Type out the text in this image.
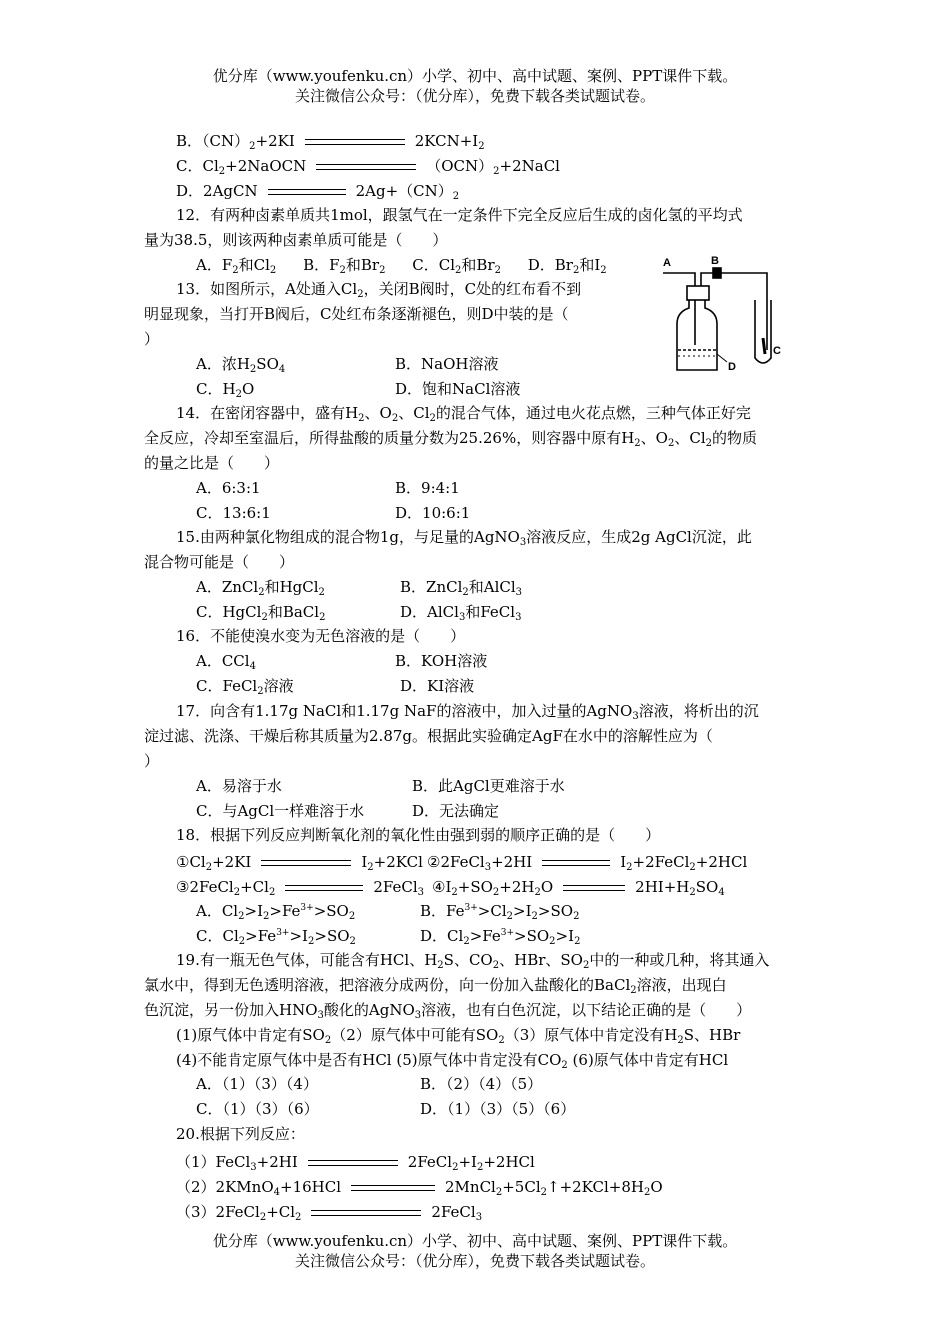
优分库（www.youfenku.cn）小学、初中、高中试题、案例、PPT课件下载。
关注微信公众号：（优分库），免费下载各类试题试卷。
B．$(CN)_2+2KI$	$2KCN+I_2$
C．$Cl_2+2NaOCN$	$(OCN)_2+2NaCl$
D．2AgCN	$2Ag+(CN)_2$
12．有两种卤素单质共1mol，跟氢气在一定条件下完全反应后生成的卤化氢的平均式
量为38.5，则该两种卤素单质可能是（　　）
A．$F_2$和$Cl_2$ B．$F_2$和$Br_2$ C．$Cl_2$和$Br_2$ D．$Br_2$和$I_2$
13．如图所示，A处通入$Cl_2$，关闭B阀时，C处的红布看不到
明显现象，当打开B阀后，C处红布条逐渐褪色，则D中装的是（
）
A．浓$H_2SO_4$	B．NaOH溶液
C．$H_2O$	D．饱和NaCl溶液
A	B
C
D
14．在密闭容器中，盛有$H_2$、$O_2$、$Cl_2$的混合气体，通过电火花点燃，三种气体正好完
全反应，冷却至室温后，所得盐酸的质量分数为25.26%，则容器中原有$H_2$、$O_2$、$Cl_2$的物质
的量之比是（　　）
A．6:3:1	B．9:4:1
C．13:6:1	D．10:6:1
15.由两种氯化物组成的混合物1g，与足量的AgNO$_3$溶液反应，生成2g AgCl沉淀，此
混合物可能是（　　）
A．ZnCl$_2$和HgCl$_2$	B．ZnCl$_2$和AlCl$_3$
C．HgCl$_2$和BaCl$_2$	D．AlCl$_3$和FeCl$_3$
16．不能使溴水变为无色溶液的是（　　）
A．CCl$_4$	B．KOH溶液
C．FeCl$_2$溶液	D．KI溶液
17．向含有1.17g NaCl和1.17g NaF的溶液中，加入过量的AgNO$_3$溶液，将析出的沉
淀过滤、洗涤、干燥后称其质量为2.87g。根据此实验确定AgF在水中的溶解性应为（
）
A．易溶于水	B．此AgCl更难溶于水
C．与AgCl一样难溶于水	D．无法确定
18．根据下列反应判断氧化剂的氧化性由强到弱的顺序正确的是（　　）
$①Cl_2+2KI$	$I_2+2KCl$ ②2FeCl$_3$+2HI	$I_2+2FeCl_2+2HCl$
$③2FeCl_2+Cl_2$	2FeCl$_3$ $④I_2+SO_2+2H_2O$	$2HI+H_2SO_4$
A．$Cl_2>I_2>Fe^{3+}>SO_2$	B．$Fe^{3+}>Cl_2>I_2>SO_2$
C．$Cl_2>Fe^{3+}>I_2>SO_2$	D．$Cl_2>Fe^{3+}>SO_2>I_2$
19.有一瓶无色气体，可能含有HCl、$H_2S$、$CO_2$、HBr、$SO_2$中的一种或几种，将其通入
氯水中，得到无色透明溶液，把溶液分成两份，向一份加入盐酸化的BaCl$_2$溶液，出现白
色沉淀，另一份加入$HNO_3$酸化的AgNO$_3$溶液，也有白色沉淀，以下结论正确的是（　　）
(1)原气体中肯定有$SO_2(2)$原气体中可能有$SO_2(3)$原气体中肯定没有$H_2S$、HBr
(4)不能肯定原气体中是否有HCl (5)原气体中肯定没有$CO_2$ (6)原气体中肯定有HCl
A．（1）（3）（4）	B．（2）（4）（5）
C．（1）（3）（6）	D．（1）（3）（5）（6）
20.根据下列反应：
（1）FeCl$_3$+2HI	$2FeCl_2+I_2+2HCl$
（2）2KMnO$_4$+16HCl	$2MnCl_2+5Cl_2↑+2KCl+8H_2O$
$(3)2FeCl_2+Cl_2$	2FeCl$_3$
优分库（www.youfenku.cn）小学、初中、高中试题、案例、PPT课件下载。
关注微信公众号：（优分库），免费下载各类试题试卷。
